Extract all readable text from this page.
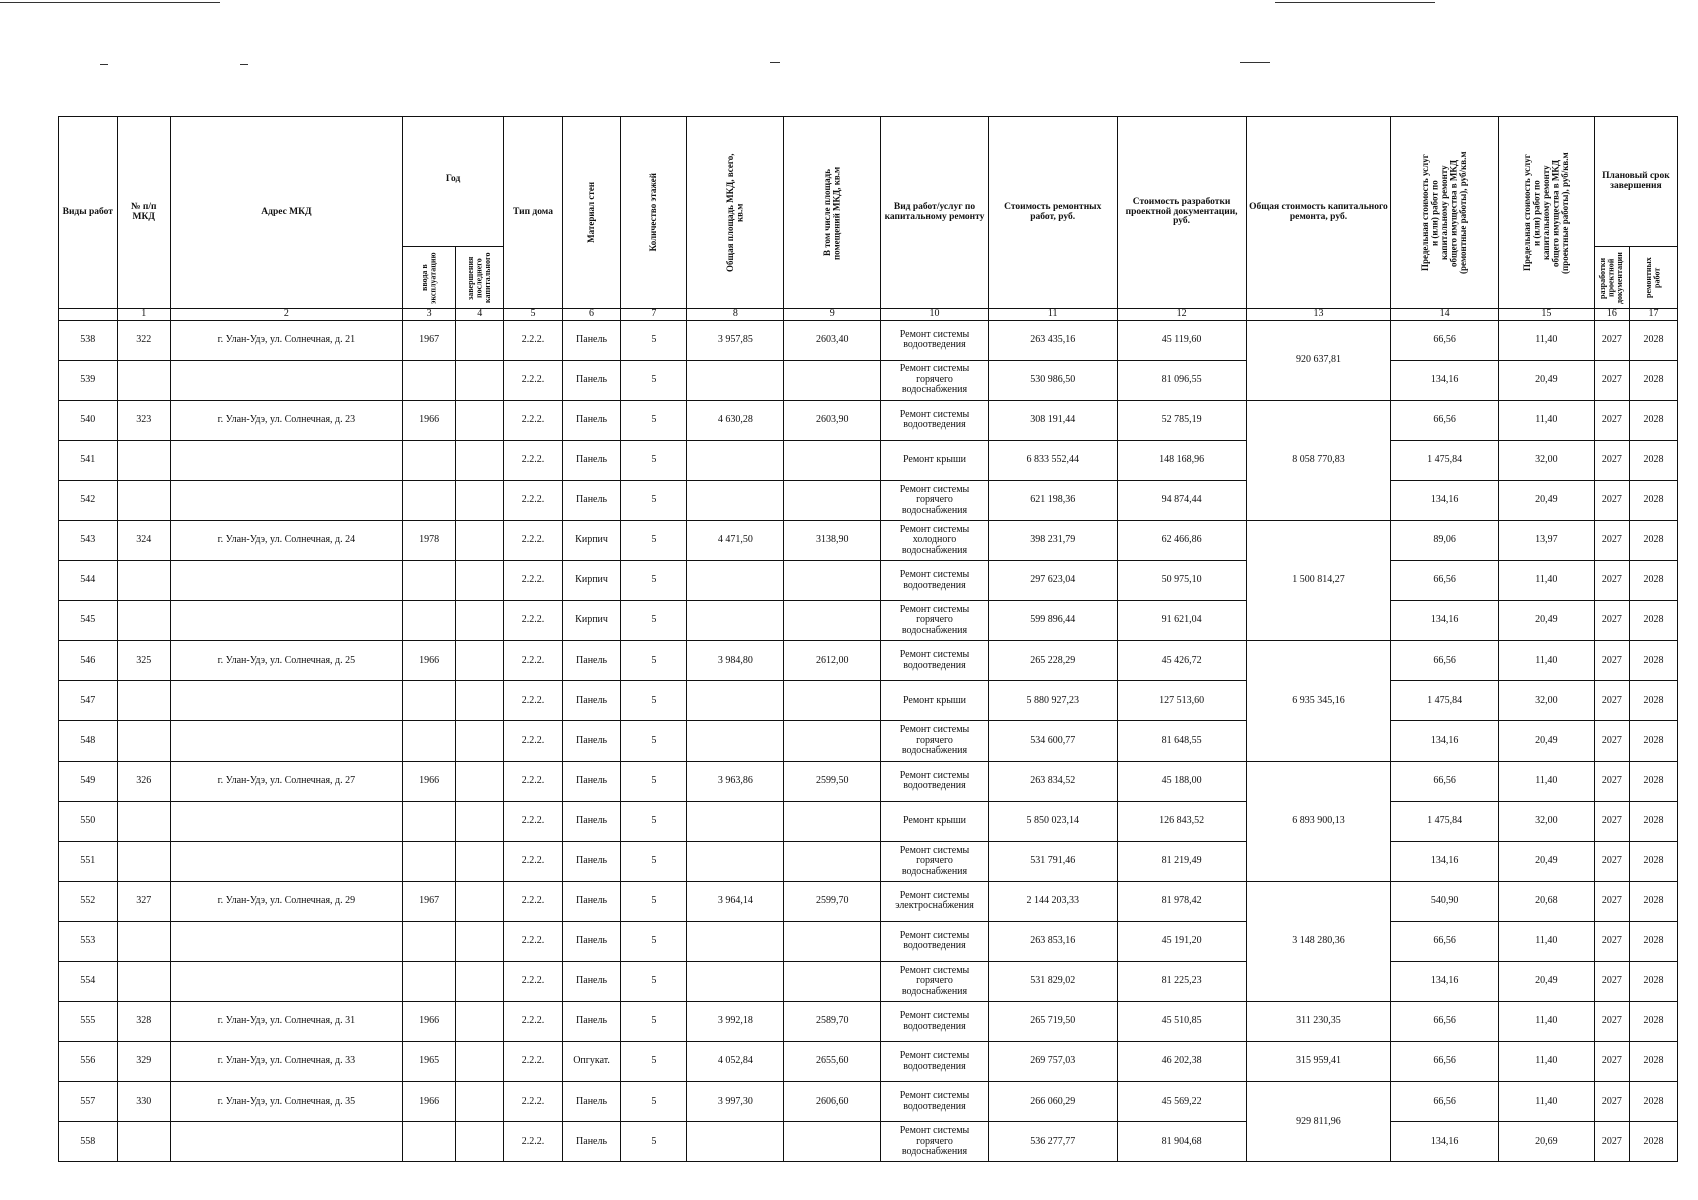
Виды работ	№ п/п МКД	Адрес МКД	Год		Тип дома	Материал стен	Количество этажей	Общая площадь МКД, всего, кв.м	В том числе площадь помещений МКД, кв.м	Вид работ/услуг по капитальному ремонту	Стоимость ремонтных работ, руб.	Стоимость разработки проектной документации, руб.	Общая стоимость капитального ремонта, руб.	Предельная стоимость услуг и (или) работ по капитальному ремонту общего имущества в МКД (ремонтные работы), руб/кв.м	Предельная стоимость услуг и (или) работ по капитальному ремонту общего имущества в МКД (проектные работы), руб/кв.м	Плановый срок завершения	

			ввода в эксплуатацию	завершения последнего капитального												разработки проектной документации	ремонтных работ

	1	2	3	4	5	6	7	8	9	10	11	12	13	14	15	16	17
538	322	г. Улан-Удэ, ул. Солнечная, д. 21	1967		2.2.2.	Панель	5	3 957,85	2603,40	Ремонт системы водоотведения	263 435,16	45 119,60	920 637,81	66,56	11,40	2027	2028
539					2.2.2.	Панель	5			Ремонт системы горячего водоснабжения	530 986,50	81 096,55		134,16	20,49	2027	2028
540	323	г. Улан-Удэ, ул. Солнечная, д. 23	1966		2.2.2.	Панель	5	4 630,28	2603,90	Ремонт системы водоотведения	308 191,44	52 785,19	8 058 770,83	66,56	11,40	2027	2028
541					2.2.2.	Панель	5			Ремонт крыши	6 833 552,44	148 168,96		1 475,84	32,00	2027	2028
542					2.2.2.	Панель	5			Ремонт системы горячего водоснабжения	621 198,36	94 874,44		134,16	20,49	2027	2028
543	324	г. Улан-Удэ, ул. Солнечная, д. 24	1978		2.2.2.	Кирпич	5	4 471,50	3138,90	Ремонт системы холодного водоснабжения	398 231,79	62 466,86	1 500 814,27	89,06	13,97	2027	2028
544					2.2.2.	Кирпич	5			Ремонт системы водоотведения	297 623,04	50 975,10		66,56	11,40	2027	2028
545					2.2.2.	Кирпич	5			Ремонт системы горячего водоснабжения	599 896,44	91 621,04		134,16	20,49	2027	2028
546	325	г. Улан-Удэ, ул. Солнечная, д. 25	1966		2.2.2.	Панель	5	3 984,80	2612,00	Ремонт системы водоотведения	265 228,29	45 426,72	6 935 345,16	66,56	11,40	2027	2028
547					2.2.2.	Панель	5			Ремонт крыши	5 880 927,23	127 513,60		1 475,84	32,00	2027	2028
548					2.2.2.	Панель	5			Ремонт системы горячего водоснабжения	534 600,77	81 648,55		134,16	20,49	2027	2028
549	326	г. Улан-Удэ, ул. Солнечная, д. 27	1966		2.2.2.	Панель	5	3 963,86	2599,50	Ремонт системы водоотведения	263 834,52	45 188,00	6 893 900,13	66,56	11,40	2027	2028
550					2.2.2.	Панель	5			Ремонт крыши	5 850 023,14	126 843,52		1 475,84	32,00	2027	2028
551					2.2.2.	Панель	5			Ремонт системы горячего водоснабжения	531 791,46	81 219,49		134,16	20,49	2027	2028
552	327	г. Улан-Удэ, ул. Солнечная, д. 29	1967		2.2.2.	Панель	5	3 964,14	2599,70	Ремонт системы электроснабжения	2 144 203,33	81 978,42	3 148 280,36	540,90	20,68	2027	2028
553					2.2.2.	Панель	5			Ремонт системы водоотведения	263 853,16	45 191,20		66,56	11,40	2027	2028
554					2.2.2.	Панель	5			Ремонт системы горячего водоснабжения	531 829,02	81 225,23		134,16	20,49	2027	2028
555	328	г. Улан-Удэ, ул. Солнечная, д. 31	1966		2.2.2.	Панель	5	3 992,18	2589,70	Ремонт системы водоотведения	265 719,50	45 510,85	311 230,35	66,56	11,40	2027	2028
556	329	г. Улан-Удэ, ул. Солнечная, д. 33	1965		2.2.2.	Опгукат.	5	4 052,84	2655,60	Ремонт системы водоотведения	269 757,03	46 202,38	315 959,41	66,56	11,40	2027	2028
557	330	г. Улан-Удэ, ул. Солнечная, д. 35	1966		2.2.2.	Панель	5	3 997,30	2606,60	Ремонт системы водоотведения	266 060,29	45 569,22	929 811,96	66,56	11,40	2027	2028
558					2.2.2.	Панель	5			Ремонт системы горячего водоснабжения	536 277,77	81 904,68		134,16	20,69	2027	2028
